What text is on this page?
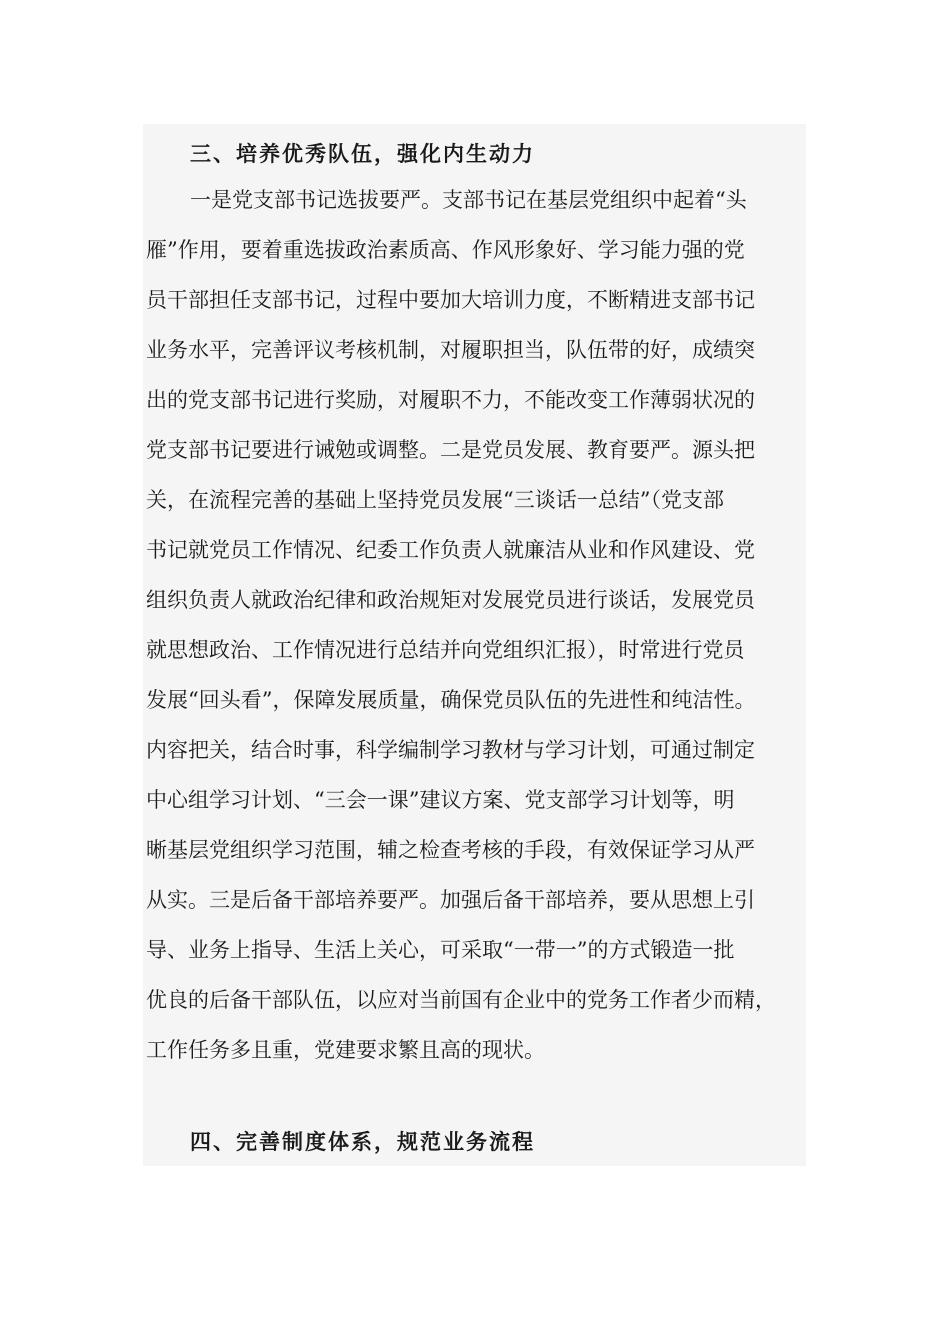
三、培养优秀队伍，强化内生动力

一是党支部书记选拔要严。支部书记在基层党组织中起着“头

雁”作用，要着重选拔政治素质高、作风形象好、学习能力强的党

员干部担任支部书记，过程中要加大培训力度，不断精进支部书记

业务水平，完善评议考核机制，对履职担当，队伍带的好，成绩突

出的党支部书记进行奖励，对履职不力，不能改变工作薄弱状况的

党支部书记要进行诫勉或调整。二是党员发展、教育要严。源头把

关，在流程完善的基础上坚持党员发展“三谈话一总结”（党支部

书记就党员工作情况、纪委工作负责人就廉洁从业和作风建设、党

组织负责人就政治纪律和政治规矩对发展党员进行谈话，发展党员

就思想政治、工作情况进行总结并向党组织汇报），时常进行党员

发展“回头看”，保障发展质量，确保党员队伍的先进性和纯洁性。

内容把关，结合时事，科学编制学习教材与学习计划，可通过制定

中心组学习计划、“三会一课”建议方案、党支部学习计划等，明

晰基层党组织学习范围，辅之检查考核的手段，有效保证学习从严

从实。三是后备干部培养要严。加强后备干部培养，要从思想上引

导、业务上指导、生活上关心，可采取“一带一”的方式锻造一批

优良的后备干部队伍，以应对当前国有企业中的党务工作者少而精，

工作任务多且重，党建要求繁且高的现状。

四、完善制度体系，规范业务流程
